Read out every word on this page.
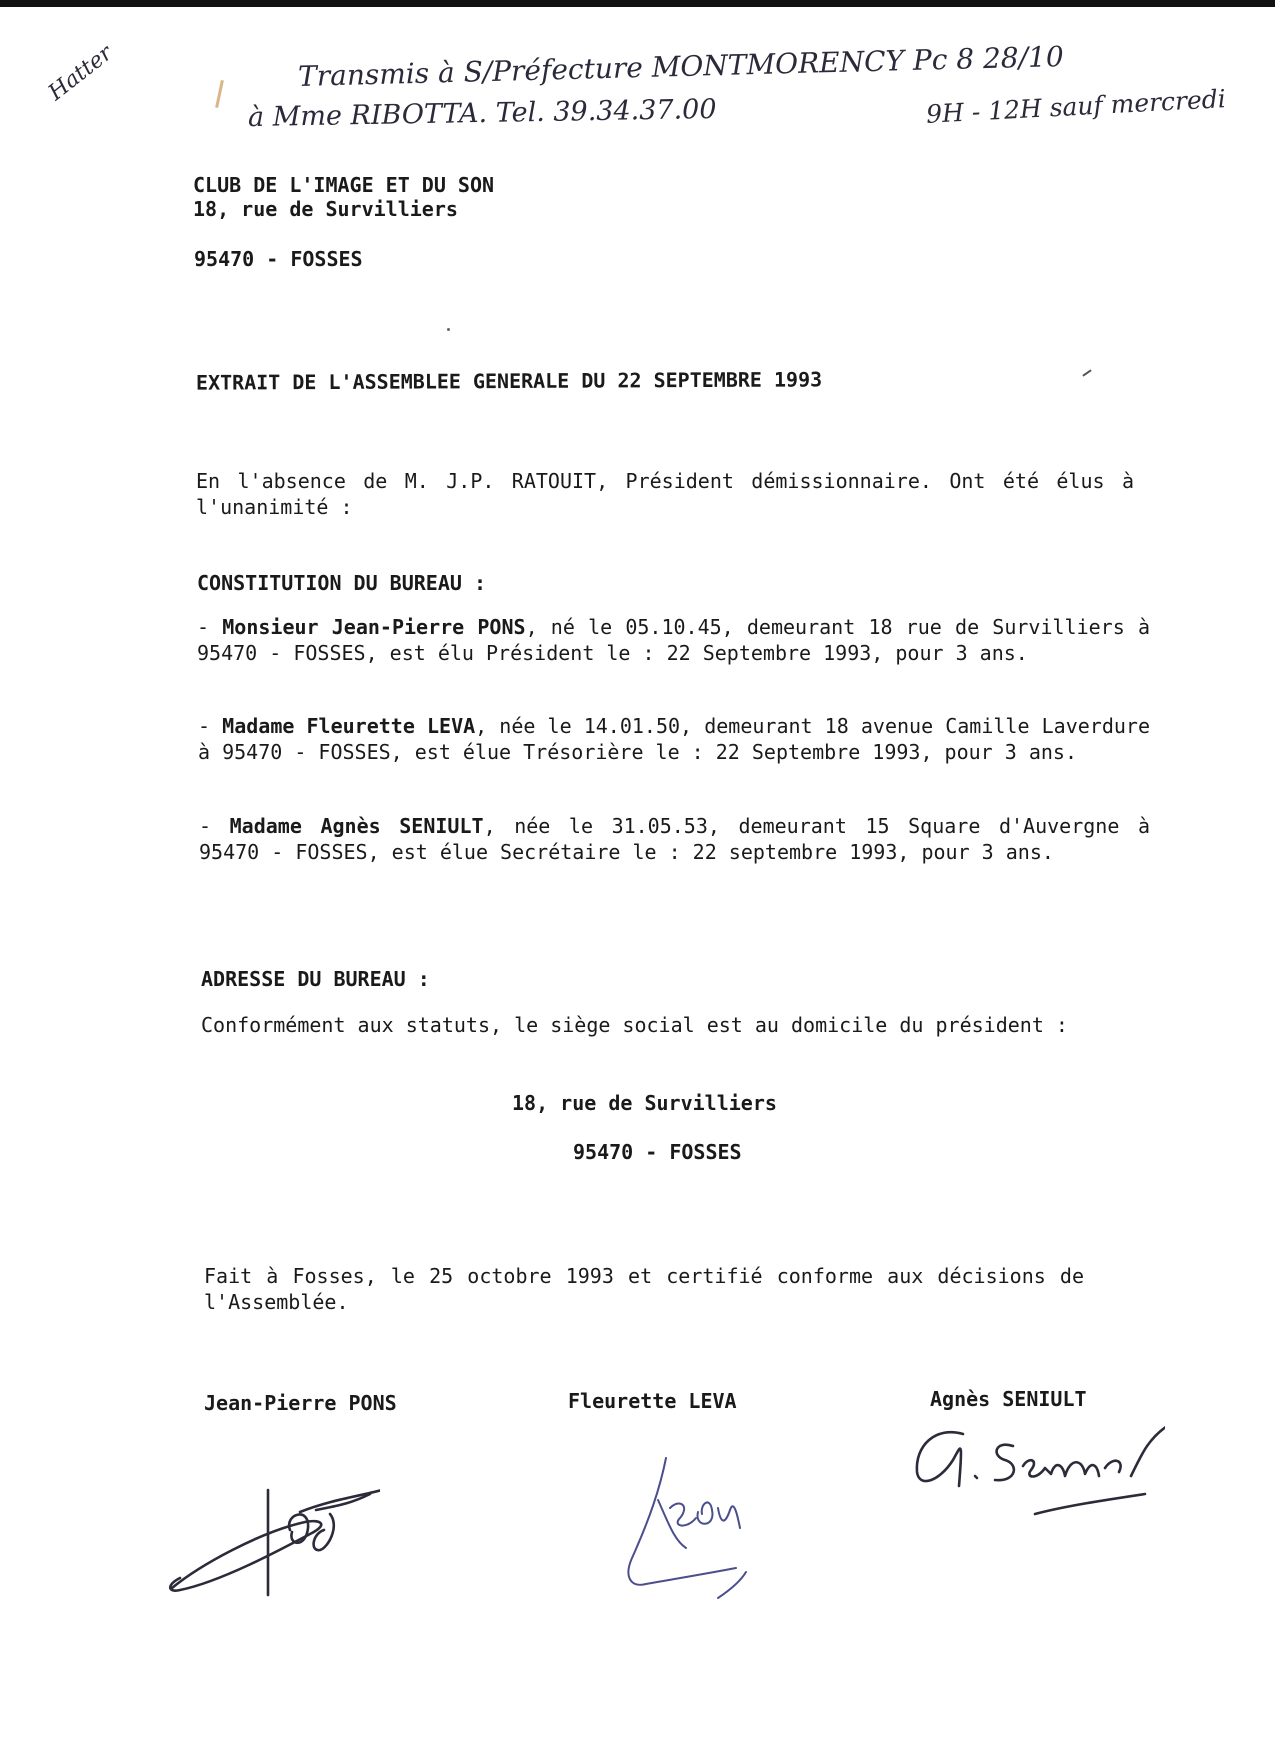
Hatter	Transmis à S/Préfecture MONTMORENCY Pc 8 28/10
à Mme RIBOTTA. Tel. 39.34.37.00	9H - 12H sauf mercredi
CLUB DE L'IMAGE ET DU SON
18, rue de Survilliers
95470 - FOSSES
EXTRAIT DE L'ASSEMBLEE GENERALE DU 22 SEPTEMBRE 1993
En l'absence de M. J.P. RATOUIT, Président démissionnaire. Ont été élus à l'unanimité :
CONSTITUTION DU BUREAU :
- Monsieur Jean-Pierre PONS, né le 05.10.45, demeurant 18 rue de Survilliers à 95470 - FOSSES, est élu Président le : 22 Septembre 1993, pour 3 ans.
- Madame Fleurette LEVA, née le 14.01.50, demeurant 18 avenue Camille Laverdure à 95470 - FOSSES, est élue Trésorière le : 22 Septembre 1993, pour 3 ans.
- Madame Agnès SENIULT, née le 31.05.53, demeurant 15 Square d'Auvergne à 95470 - FOSSES, est élue Secrétaire le : 22 septembre 1993, pour 3 ans.
ADRESSE DU BUREAU :
Conformément aux statuts, le siège social est au domicile du président :
18, rue de Survilliers
95470 - FOSSES
Fait à Fosses, le 25 octobre 1993 et certifié conforme aux décisions de l'Assemblée.
Jean-Pierre PONS	Fleurette LEVA	Agnès SENIULT
